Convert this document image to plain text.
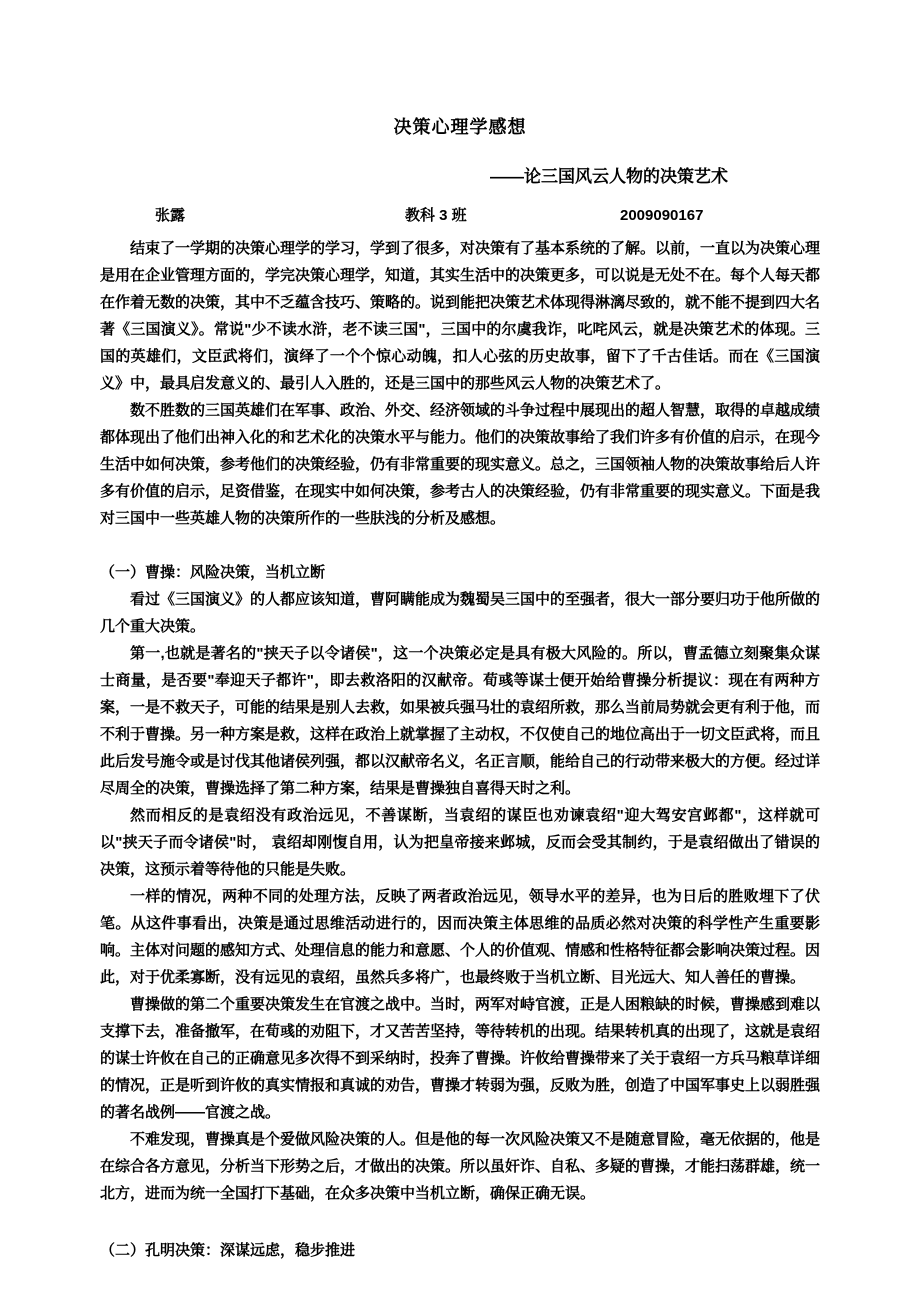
决策心理学感想
——论三国风云人物的决策艺术
张露	教科 3 班	2009090167

结束了一学期的决策心理学的学习，学到了很多，对决策有了基本系统的了解。以前，一直以为决策心理是用在企业管理方面的，学完决策心理学，知道，其实生活中的决策更多，可以说是无处不在。每个人每天都在作着无数的决策，其中不乏蕴含技巧、策略的。说到能把决策艺术体现得淋漓尽致的，就不能不提到四大名著《三国演义》。常说"少不读水浒，老不读三国"，三国中的尔虞我诈，叱咤风云，就是决策艺术的体现。三国的英雄们，文臣武将们，演绎了一个个惊心动魄，扣人心弦的历史故事，留下了千古佳话。而在《三国演义》中，最具启发意义的、最引人入胜的，还是三国中的那些风云人物的决策艺术了。

数不胜数的三国英雄们在军事、政治、外交、经济领域的斗争过程中展现出的超人智慧，取得的卓越成绩都体现出了他们出神入化的和艺术化的决策水平与能力。他们的决策故事给了我们许多有价值的启示，在现今生活中如何决策，参考他们的决策经验，仍有非常重要的现实意义。总之，三国领袖人物的决策故事给后人许多有价值的启示，足资借鉴，在现实中如何决策，参考古人的决策经验，仍有非常重要的现实意义。下面是我对三国中一些英雄人物的决策所作的一些肤浅的分析及感想。

（一）曹操：风险决策，当机立断

看过《三国演义》的人都应该知道，曹阿瞒能成为魏蜀吴三国中的至强者，很大一部分要归功于他所做的几个重大决策。

第一,也就是著名的"挟天子以令诸侯"，这一个决策必定是具有极大风险的。所以，曹孟德立刻聚集众谋士商量，是否要"奉迎天子都许"，即去救洛阳的汉献帝。荀彧等谋士便开始给曹操分析提议：现在有两种方案，一是不救天子，可能的结果是别人去救，如果被兵强马壮的袁绍所救，那么当前局势就会更有利于他，而不利于曹操。另一种方案是救，这样在政治上就掌握了主动权，不仅使自己的地位高出于一切文臣武将，而且此后发号施令或是讨伐其他诸侯列强，都以汉献帝名义，名正言顺，能给自己的行动带来极大的方便。经过详尽周全的决策，曹操选择了第二种方案，结果是曹操独自喜得天时之利。

然而相反的是袁绍没有政治远见，不善谋断，当袁绍的谋臣也劝谏袁绍"迎大驾安宫邺都"，这样就可以"挟天子而令诸侯"时， 袁绍却刚愎自用，认为把皇帝接来邺城，反而会受其制约，于是袁绍做出了错误的决策，这预示着等待他的只能是失败。

一样的情况，两种不同的处理方法，反映了两者政治远见，领导水平的差异，也为日后的胜败埋下了伏笔。从这件事看出，决策是通过思维活动进行的，因而决策主体思维的品质必然对决策的科学性产生重要影响。主体对问题的感知方式、处理信息的能力和意愿、个人的价值观、情感和性格特征都会影响决策过程。因此，对于优柔寡断，没有远见的袁绍，虽然兵多将广，也最终败于当机立断、目光远大、知人善任的曹操。

曹操做的第二个重要决策发生在官渡之战中。当时，两军对峙官渡，正是人困粮缺的时候，曹操感到难以支撑下去，准备撤军，在荀彧的劝阻下，才又苦苦坚持，等待转机的出现。结果转机真的出现了，这就是袁绍的谋士许攸在自己的正确意见多次得不到采纳时，投奔了曹操。许攸给曹操带来了关于袁绍一方兵马粮草详细的情况，正是听到许攸的真实情报和真诚的劝告，曹操才转弱为强，反败为胜，创造了中国军事史上以弱胜强的著名战例——官渡之战。

不难发现，曹操真是个爱做风险决策的人。但是他的每一次风险决策又不是随意冒险，毫无依据的，他是在综合各方意见，分析当下形势之后，才做出的决策。所以虽奸诈、自私、多疑的曹操，才能扫荡群雄，统一北方，进而为统一全国打下基础，在众多决策中当机立断，确保正确无误。

（二）孔明决策：深谋远虑，稳步推进
